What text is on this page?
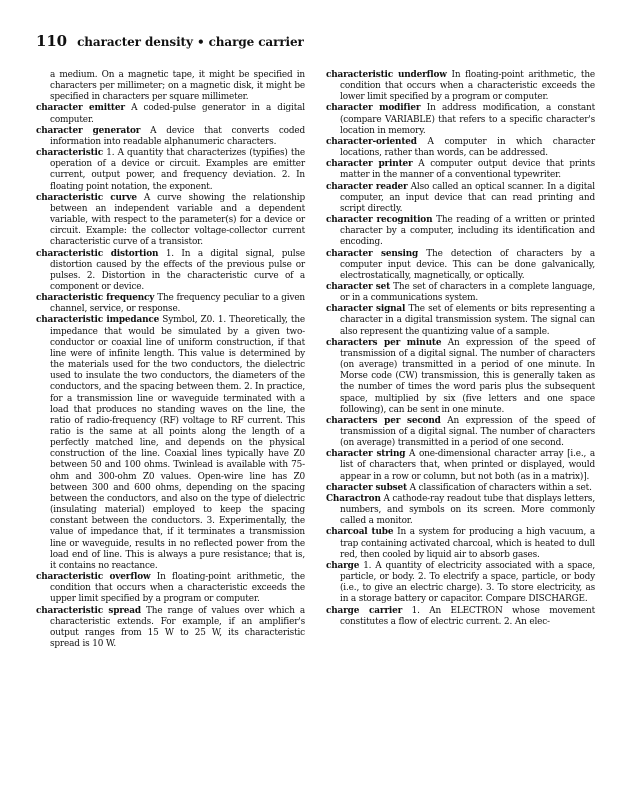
110 character density • charge carrier

a medium. On a magnetic tape, it might be specified in characters per millimeter; on a magnetic disk, it might be specified in characters per square millimeter.

character emitter A coded-pulse generator in a digital computer.

character generator A device that converts coded information into readable alphanumeric characters.

characteristic 1. A quantity that characterizes (typifies) the operation of a device or circuit. Examples are emitter current, output power, and frequency deviation. 2. In floating point notation, the exponent.

characteristic curve A curve showing the relationship between an independent variable and a dependent variable, with respect to the parameter(s) for a device or circuit. Example: the collector voltage-collector current characteristic curve of a transistor.

characteristic distortion 1. In a digital signal, pulse distortion caused by the effects of the previous pulse or pulses. 2. Distortion in the characteristic curve of a component or device.

characteristic frequency The frequency peculiar to a given channel, service, or response.

characteristic impedance Symbol, Z0. 1. Theoretically, the impedance that would be simulated by a given two-conductor or coaxial line of uniform construction, if that line were of infinite length. This value is determined by the materials used for the two conductors, the dielectric used to insulate the two conductors, the diameters of the conductors, and the spacing between them. 2. In practice, for a transmission line or waveguide terminated with a load that produces no standing waves on the line, the ratio of radio-frequency (RF) voltage to RF current. This ratio is the same at all points along the length of a perfectly matched line, and depends on the physical construction of the line. Coaxial lines typically have Z0 between 50 and 100 ohms. Twinlead is available with 75-ohm and 300-ohm Z0 values. Open-wire line has Z0 between 300 and 600 ohms, depending on the spacing between the conductors, and also on the type of dielectric (insulating material) employed to keep the spacing constant between the conductors. 3. Experimentally, the value of impedance that, if it terminates a transmission line or waveguide, results in no reflected power from the load end of line. This is always a pure resistance; that is, it contains no reactance.

characteristic overflow In floating-point arithmetic, the condition that occurs when a characteristic exceeds the upper limit specified by a program or computer.

characteristic spread The range of values over which a characteristic extends. For example, if an amplifier's output ranges from 15 W to 25 W, its characteristic spread is 10 W.

characteristic underflow In floating-point arithmetic, the condition that occurs when a characteristic exceeds the lower limit specified by a program or computer.

character modifier In address modification, a constant (compare VARIABLE) that refers to a specific character's location in memory.

character-oriented A computer in which character locations, rather than words, can be addressed.

character printer A computer output device that prints matter in the manner of a conventional typewriter.

character reader Also called an optical scanner. In a digital computer, an input device that can read printing and script directly.

character recognition The reading of a written or printed character by a computer, including its identification and encoding.

character sensing The detection of characters by a computer input device. This can be done galvanically, electrostatically, magnetically, or optically.

character set The set of characters in a complete language, or in a communications system.

character signal The set of elements or bits representing a character in a digital transmission system. The signal can also represent the quantizing value of a sample.

characters per minute An expression of the speed of transmission of a digital signal. The number of characters (on average) transmitted in a period of one minute. In Morse code (CW) transmission, this is generally taken as the number of times the word paris plus the subsequent space, multiplied by six (five letters and one space following), can be sent in one minute.

characters per second An expression of the speed of transmission of a digital signal. The number of characters (on average) transmitted in a period of one second.

character string A one-dimensional character array [i.e., a list of characters that, when printed or displayed, would appear in a row or column, but not both (as in a matrix)].

character subset A classification of characters within a set.

Charactron A cathode-ray readout tube that displays letters, numbers, and symbols on its screen. More commonly called a monitor.

charcoal tube In a system for producing a high vacuum, a trap containing activated charcoal, which is heated to dull red, then cooled by liquid air to absorb gases.

charge 1. A quantity of electricity associated with a space, particle, or body. 2. To electrify a space, particle, or body (i.e., to give an electric charge). 3. To store electricity, as in a storage battery or capacitor. Compare DISCHARGE.

charge carrier 1. An ELECTRON whose movement constitutes a flow of electric current. 2. An elec-
